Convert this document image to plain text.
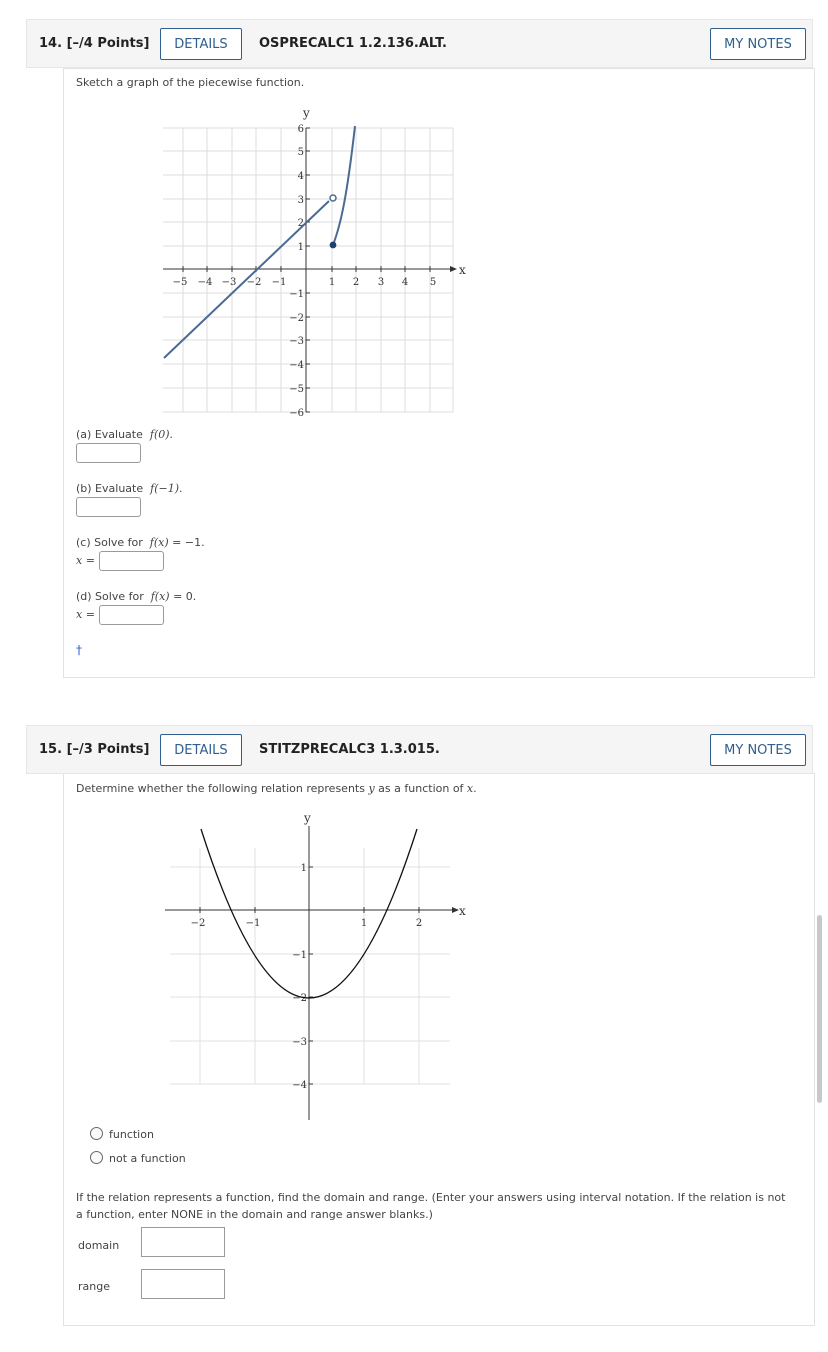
14. [–/4 Points] DETAILS OSPRECALC1 1.2.136.ALT.	MY NOTES
Sketch a graph of the piecewise function.
x
y
−5 −4 −3 −2 −1	1 2 3 4 5
6
5
4
3
2
1
−1
−2
−3
−4
−5
−6
(a) Evaluate f(0).
(b) Evaluate f(−1).
(c) Solve for f(x) = −1.
x =
(d) Solve for f(x) = 0.
x =
†
15. [–/3 Points] DETAILS STITZPRECALC3 1.3.015.	MY NOTES
Determine whether the following relation represents y as a function of x.
x
y
−2	−1	1	2
1
−1
−2
−3
−4
function
not a function
If the relation represents a function, find the domain and range. (Enter your answers using interval notation. If the relation is not
a function, enter NONE in the domain and range answer blanks.)
domain
range
